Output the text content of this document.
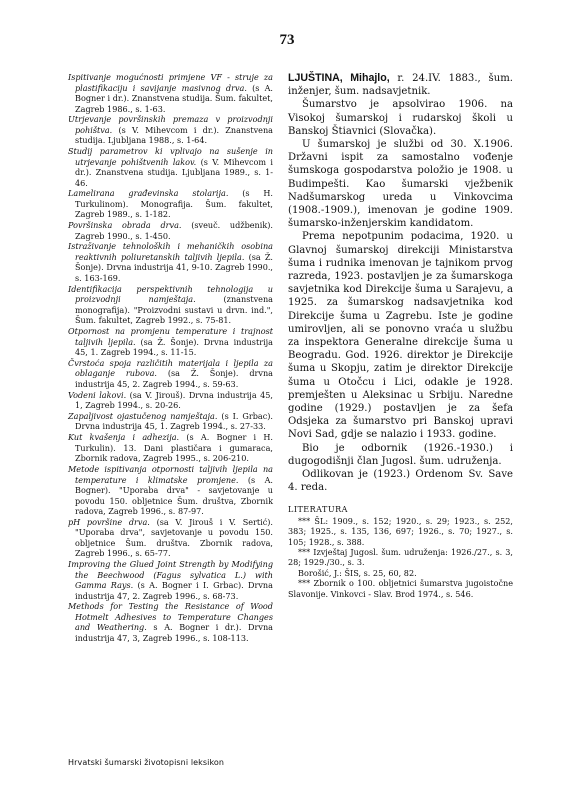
73

Ispitivanje mogućnosti primjene VF - struje za plastifikaciju i savijanje masivnog drva. (s A. Bogner i dr.). Znanstvena studija. Šum. fakultet, Zagreb 1986., s. 1-63.

Utrjevanje površinskih premaza v proizvodnji pohištva. (s V. Mihevcom i dr.). Znanstvena studija. Ljubljana 1988., s. 1-64.

Studij parametrov ki vplivajo na sušenje in utrjevanje pohištvenih lakov. (s V. Mihevcom i dr.). Znanstvena studija. Ljubljana 1989., s. 1-46.

Lamelirana građevinska stolarija. (s H. Turkulinom). Monografija. Šum. fakultet, Zagreb 1989., s. 1-182.

Površinska obrada drva. (sveuč. udžbenik). Zagreb 1990., s. 1-450.

Istraživanje tehnoloških i mehaničkih osobina reaktivnih poliuretanskih taljivih ljepila. (sa Ž. Šonje). Drvna industrija 41, 9-10. Zagreb 1990., s. 163-169.

Identifikacija perspektivnih tehnologija u proizvodnji namještaja. (znanstvena monografija). "Proizvodni sustavi u drvn. ind.", Šum. fakultet, Zagreb 1992., s. 75-81.

Otpornost na promjenu temperature i trajnost taljivih ljepila. (sa Ž. Šonje). Drvna industrija 45, 1. Zagreb 1994., s. 11-15.

Čvrstoća spoja različitih materijala i ljepila za oblaganje rubova. (sa Ž. Šonje). drvna industrija 45, 2. Zagreb 1994., s. 59-63.

Vodeni lakovi. (sa V. Jirouš). Drvna industrija 45, 1, Zagreb 1994., s. 20-26.

Zapaljivost ojastučenog namještaja. (s I. Grbac). Drvna industrija 45, 1. Zagreb 1994., s. 27-33.

Kut kvašenja i adhezija. (s A. Bogner i H. Turkulin). 13. Dani plastičara i gumaraca, Zbornik radova, Zagreb 1995., s. 206-210.

Metode ispitivanja otpornosti taljivih ljepila na temperature i klimatske promjene. (s A. Bogner). "Uporaba drva" - savjetovanje u povodu 150. obljetnice Šum. društva, Zbornik radova, Zagreb 1996., s. 87-97.

pH površine drva. (sa V. Jirouš i V. Sertić). "Uporaba drva", savjetovanje u povodu 150. obljetnice Šum. društva. Zbornik radova, Zagreb 1996., s. 65-77.

Improving the Glued Joint Strength by Modifying the Beechwood (Fagus sylvatica L.) with Gamma Rays. (s A. Bogner i I. Grbac). Drvna industrija 47, 2. Zagreb 1996., s. 68-73.

Methods for Testing the Resistance of Wood Hotmelt Adhesives to Temperature Changes and Weathering. s A. Bogner i dr.). Drvna industrija 47, 3, Zagreb 1996., s. 108-113.

LJUŠTINA, Mihajlo, r. 24.IV. 1883., šum. inženjer, šum. nadsavjetnik.

Šumarstvo je apsolvirao 1906. na Visokoj šumarskoj i rudarskoj školi u Banskoj Štiavnici (Slovačka).

U šumarskoj je službi od 30. X.1906. Državni ispit za samostalno vođenje šumskoga gospodarstva položio je 1908. u Budimpešti. Kao šumarski vježbenik Nadšumarskog ureda u Vinkovcima (1908.-1909.), imenovan je godine 1909. šumarsko-inženjerskim kandidatom.

Prema nepotpunim podacima, 1920. u Glavnoj šumarskoj direkciji Ministarstva šuma i rudnika imenovan je tajnikom prvog razreda, 1923. postavljen je za šumarskoga savjetnika kod Direkcije šuma u Sarajevu, a 1925. za šumarskog nadsavjetnika kod Direkcije šuma u Zagrebu. Iste je godine umirovljen, ali se ponovno vraća u službu za inspektora Generalne direkcije šuma u Beogradu. God. 1926. direktor je Direkcije šuma u Skopju, zatim je direktor Direkcije šuma u Otočcu i Lici, odakle je 1928. premješten u Aleksinac u Srbiju. Naredne godine (1929.) postavljen je za šefa Odsjeka za šumarstvo pri Banskoj upravi Novi Sad, gdje se nalazio i 1933. godine.

Bio je odbornik (1926.-1930.) i dugogodišnji član Jugosl. šum. udruženja.

Odlikovan je (1923.) Ordenom Sv. Save 4. reda.

LITERATURA

*** ŠL: 1909., s. 152; 1920., s. 29; 1923., s. 252, 383; 1925., s. 135, 136, 697; 1926., s. 70; 1927., s. 105; 1928., s. 388.

*** Izvještaj Jugosl. šum. udruženja: 1926./27., s. 3, 28; 1929./30., s. 3.

Borošić, J.: ŠIS, s. 25, 60, 82.

*** Zbornik o 100. obljetnici šumarstva jugoistočne Slavonije. Vinkovci - Slav. Brod 1974., s. 546.

Hrvatski šumarski životopisni leksikon
